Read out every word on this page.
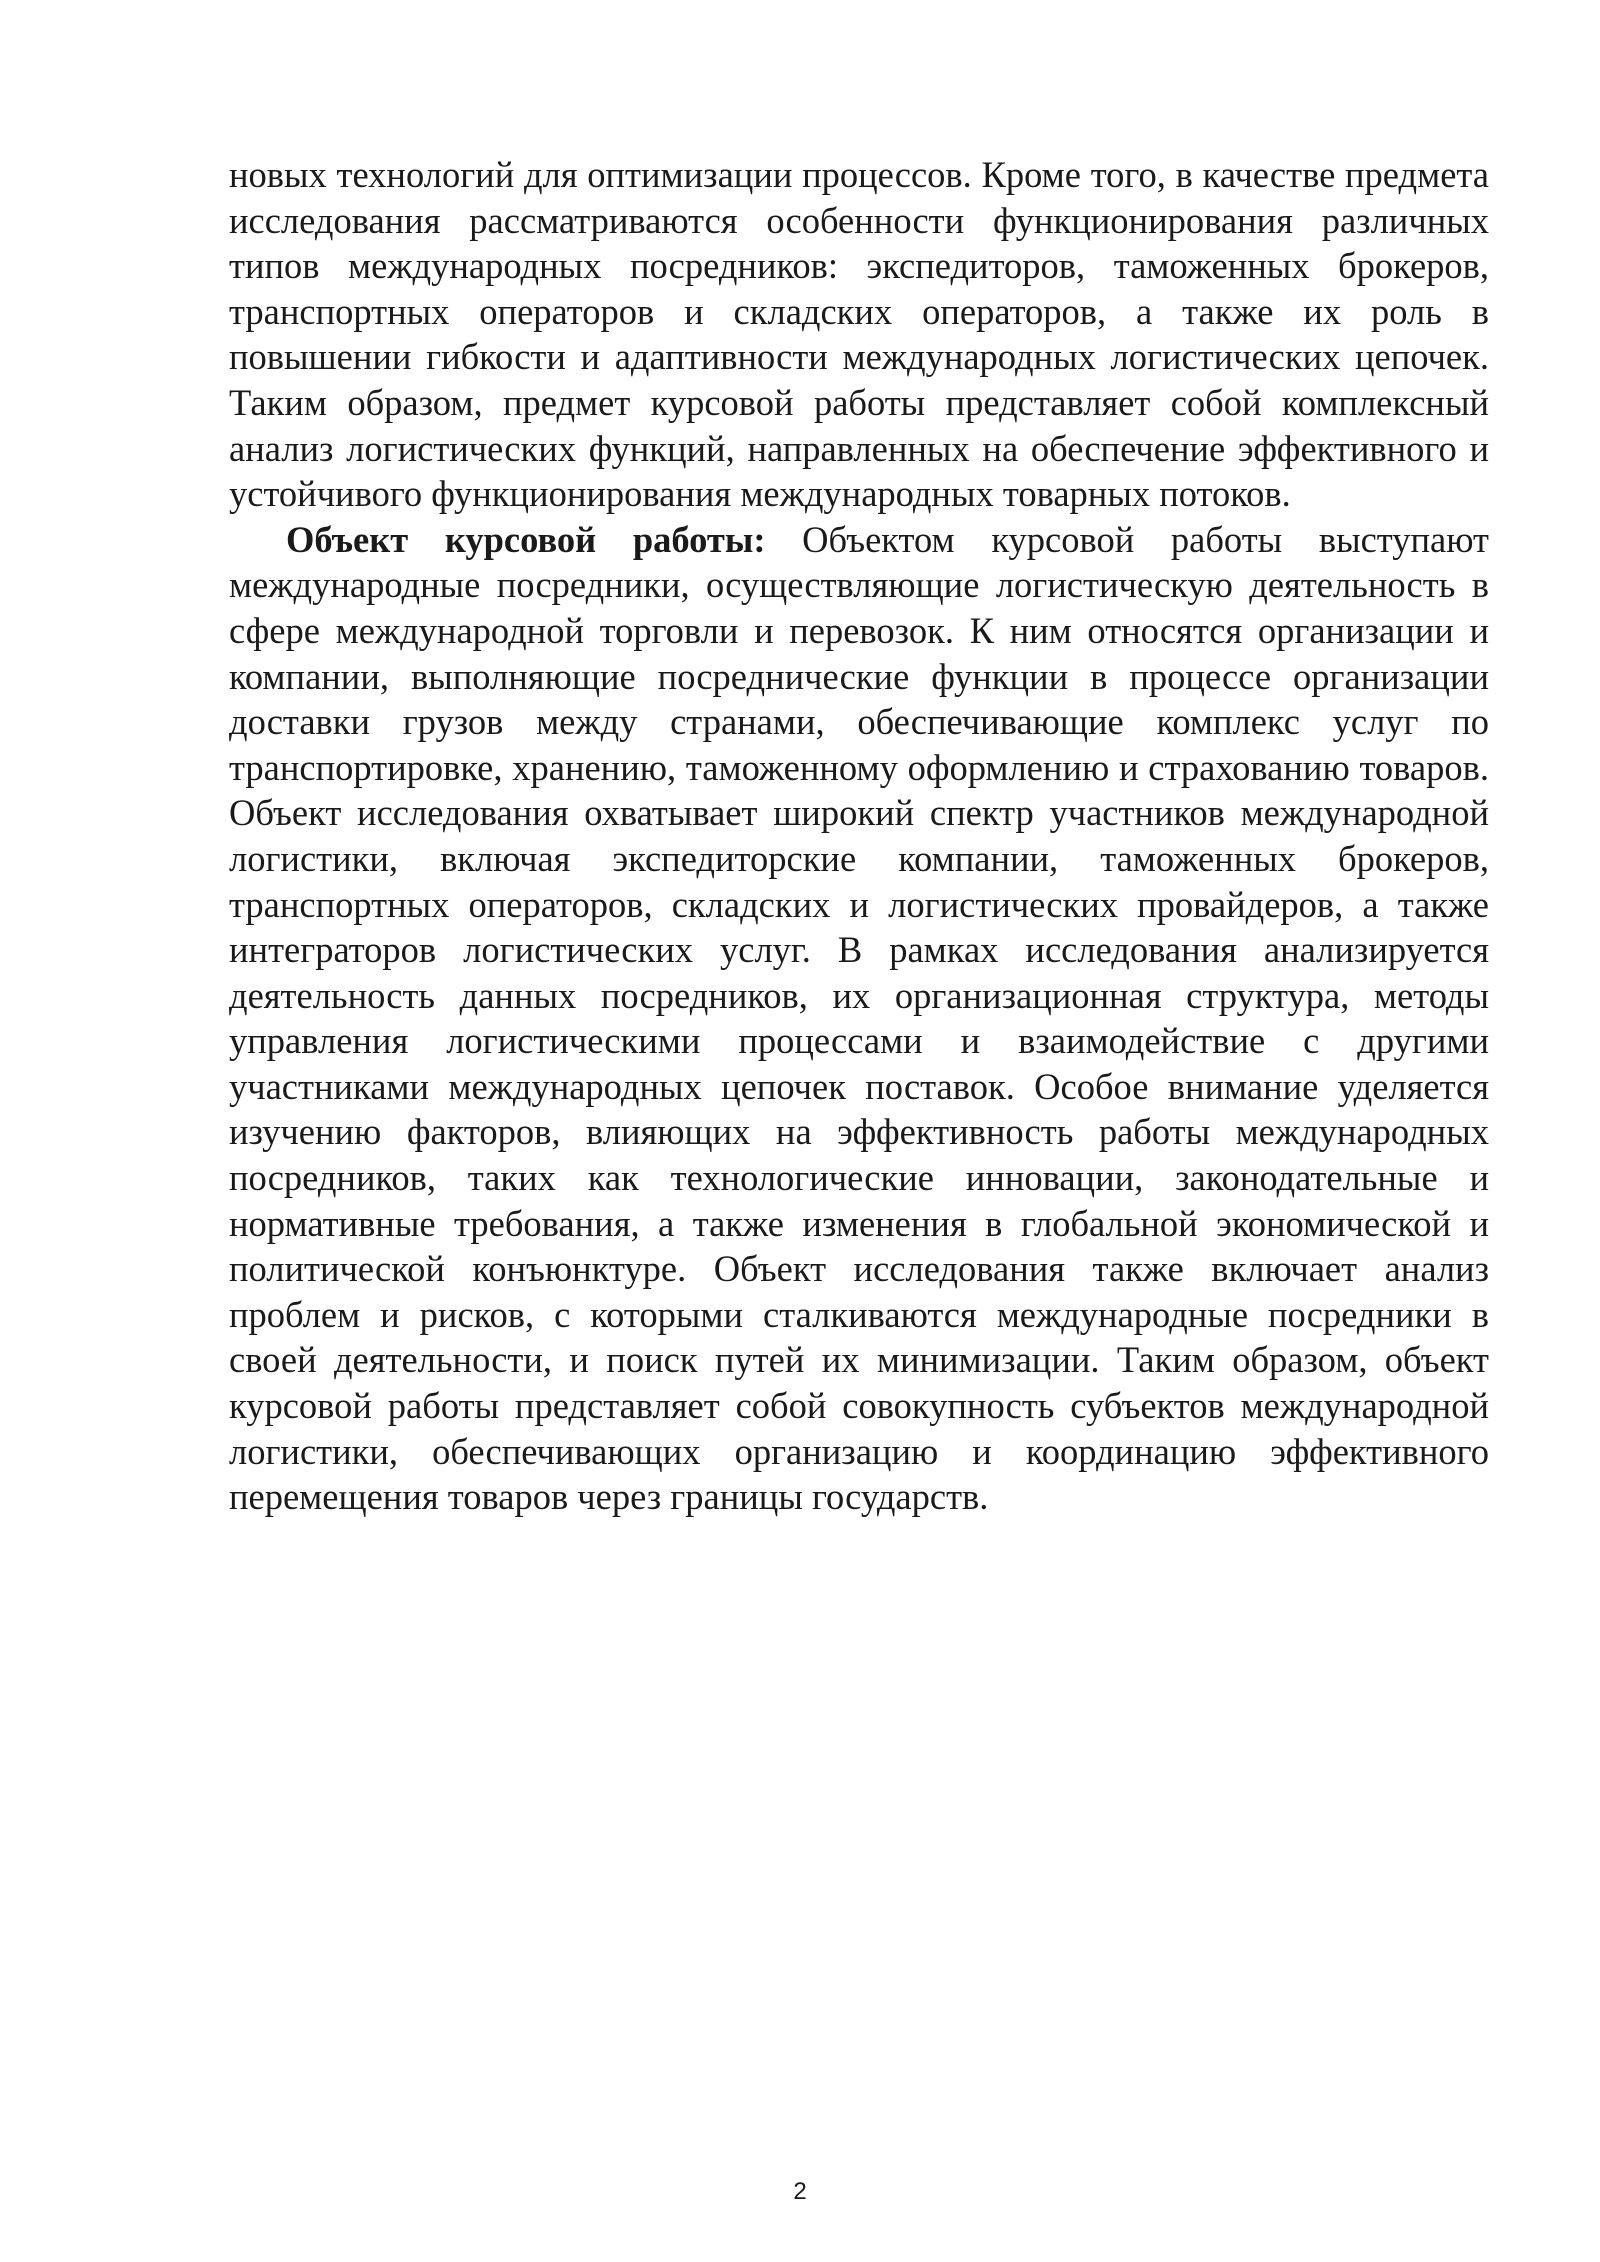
новых технологий для оптимизации процессов. Кроме того, в качестве предмета исследования рассматриваются особенности функционирования различных типов международных посредников: экспедиторов, таможенных брокеров, транспортных операторов и складских операторов, а также их роль в повышении гибкости и адаптивности международных логистических цепочек. Таким образом, предмет курсовой работы представляет собой комплексный анализ логистических функций, направленных на обеспечение эффективного и устойчивого функционирования международных товарных потоков.

Объект курсовой работы: Объектом курсовой работы выступают международные посредники, осуществляющие логистическую деятельность в сфере международной торговли и перевозок. К ним относятся организации и компании, выполняющие посреднические функции в процессе организации доставки грузов между странами, обеспечивающие комплекс услуг по транспортировке, хранению, таможенному оформлению и страхованию товаров. Объект исследования охватывает широкий спектр участников международной логистики, включая экспедиторские компании, таможенных брокеров, транспортных операторов, складских и логистических провайдеров, а также интеграторов логистических услуг. В рамках исследования анализируется деятельность данных посредников, их организационная структура, методы управления логистическими процессами и взаимодействие с другими участниками международных цепочек поставок. Особое внимание уделяется изучению факторов, влияющих на эффективность работы международных посредников, таких как технологические инновации, законодательные и нормативные требования, а также изменения в глобальной экономической и политической конъюнктуре. Объект исследования также включает анализ проблем и рисков, с которыми сталкиваются международные посредники в своей деятельности, и поиск путей их минимизации. Таким образом, объект курсовой работы представляет собой совокупность субъектов международной логистики, обеспечивающих организацию и координацию эффективного перемещения товаров через границы государств.

2
